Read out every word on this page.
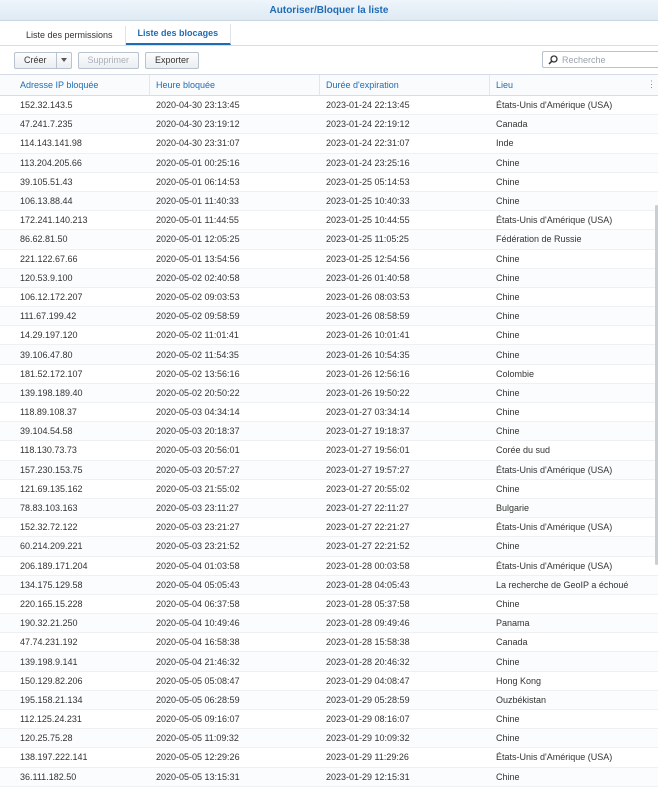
Autoriser/Bloquer la liste
Liste des permissions	Liste des blocages
Créer	Supprimer	Exporter
Recherche
Adresse IP bloquée	Heure bloquée	Durée d'expiration	Lieu	⋮
152.32.143.5	2020-04-30 23:13:45	2023-01-24 22:13:45	États-Unis d'Amérique (USA)
47.241.7.235	2020-04-30 23:19:12	2023-01-24 22:19:12	Canada
114.143.141.98	2020-04-30 23:31:07	2023-01-24 22:31:07	Inde
113.204.205.66	2020-05-01 00:25:16	2023-01-24 23:25:16	Chine
39.105.51.43	2020-05-01 06:14:53	2023-01-25 05:14:53	Chine
106.13.88.44	2020-05-01 11:40:33	2023-01-25 10:40:33	Chine
172.241.140.213	2020-05-01 11:44:55	2023-01-25 10:44:55	États-Unis d'Amérique (USA)
86.62.81.50	2020-05-01 12:05:25	2023-01-25 11:05:25	Fédération de Russie
221.122.67.66	2020-05-01 13:54:56	2023-01-25 12:54:56	Chine
120.53.9.100	2020-05-02 02:40:58	2023-01-26 01:40:58	Chine
106.12.172.207	2020-05-02 09:03:53	2023-01-26 08:03:53	Chine
111.67.199.42	2020-05-02 09:58:59	2023-01-26 08:58:59	Chine
14.29.197.120	2020-05-02 11:01:41	2023-01-26 10:01:41	Chine
39.106.47.80	2020-05-02 11:54:35	2023-01-26 10:54:35	Chine
181.52.172.107	2020-05-02 13:56:16	2023-01-26 12:56:16	Colombie
139.198.189.40	2020-05-02 20:50:22	2023-01-26 19:50:22	Chine
118.89.108.37	2020-05-03 04:34:14	2023-01-27 03:34:14	Chine
39.104.54.58	2020-05-03 20:18:37	2023-01-27 19:18:37	Chine
118.130.73.73	2020-05-03 20:56:01	2023-01-27 19:56:01	Corée du sud
157.230.153.75	2020-05-03 20:57:27	2023-01-27 19:57:27	États-Unis d'Amérique (USA)
121.69.135.162	2020-05-03 21:55:02	2023-01-27 20:55:02	Chine
78.83.103.163	2020-05-03 23:11:27	2023-01-27 22:11:27	Bulgarie
152.32.72.122	2020-05-03 23:21:27	2023-01-27 22:21:27	États-Unis d'Amérique (USA)
60.214.209.221	2020-05-03 23:21:52	2023-01-27 22:21:52	Chine
206.189.171.204	2020-05-04 01:03:58	2023-01-28 00:03:58	États-Unis d'Amérique (USA)
134.175.129.58	2020-05-04 05:05:43	2023-01-28 04:05:43	La recherche de GeoIP a échoué
220.165.15.228	2020-05-04 06:37:58	2023-01-28 05:37:58	Chine
190.32.21.250	2020-05-04 10:49:46	2023-01-28 09:49:46	Panama
47.74.231.192	2020-05-04 16:58:38	2023-01-28 15:58:38	Canada
139.198.9.141	2020-05-04 21:46:32	2023-01-28 20:46:32	Chine
150.129.82.206	2020-05-05 05:08:47	2023-01-29 04:08:47	Hong Kong
195.158.21.134	2020-05-05 06:28:59	2023-01-29 05:28:59	Ouzbékistan
112.125.24.231	2020-05-05 09:16:07	2023-01-29 08:16:07	Chine
120.25.75.28	2020-05-05 11:09:32	2023-01-29 10:09:32	Chine
138.197.222.141	2020-05-05 12:29:26	2023-01-29 11:29:26	États-Unis d'Amérique (USA)
36.111.182.50	2020-05-05 13:15:31	2023-01-29 12:15:31	Chine
